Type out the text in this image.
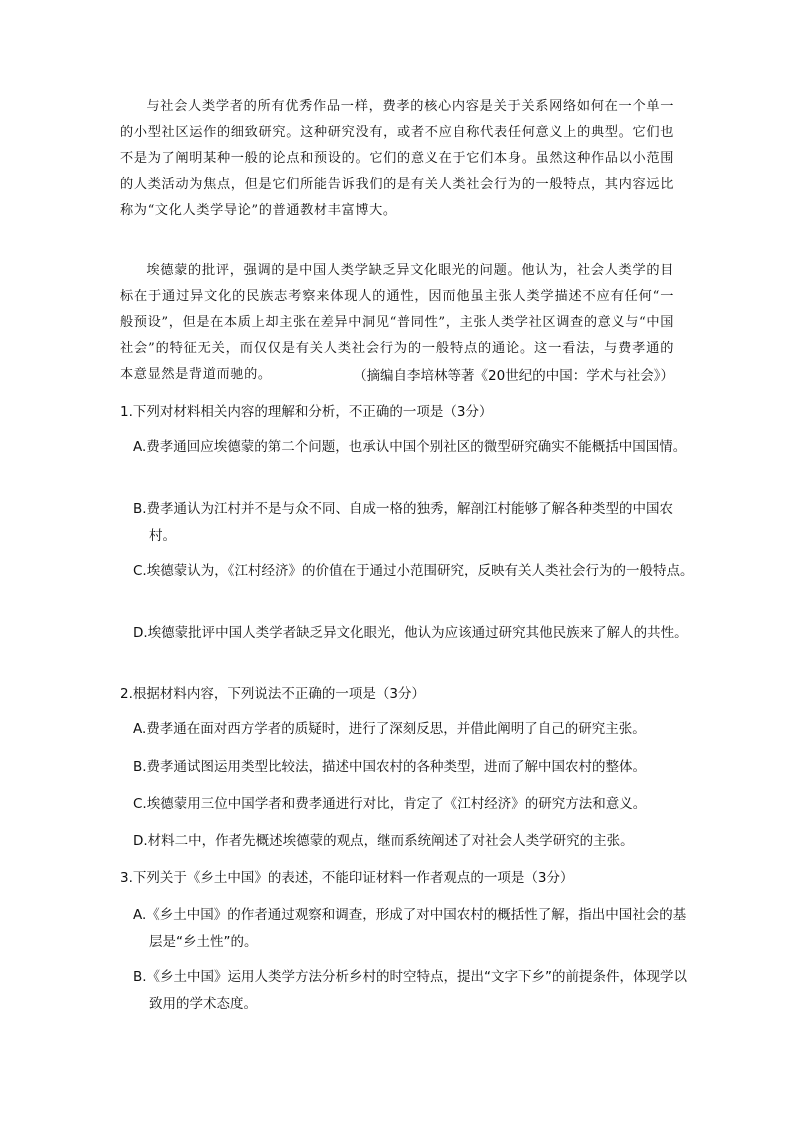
与社会人类学者的所有优秀作品一样，费孝的核心内容是关于关系网络如何在一个单一的小型社区运作的细致研究。这种研究没有，或者不应自称代表任何意义上的典型。它们也不是为了阐明某种一般的论点和预设的。它们的意义在于它们本身。虽然这种作品以小范围的人类活动为焦点，但是它们所能告诉我们的是有关人类社会行为的一般特点，其内容远比称为“文化人类学导论”的普通教材丰富博大。
埃德蒙的批评，强调的是中国人类学缺乏异文化眼光的问题。他认为，社会人类学的目标在于通过异文化的民族志考察来体现人的通性，因而他虽主张人类学描述不应有任何“一般预设”，但是在本质上却主张在差异中洞见“普同性”，主张人类学社区调查的意义与“中国社会”的特征无关，而仅仅是有关人类社会行为的一般特点的通论。这一看法，与费孝通的本意显然是背道而驰的。	（摘编自李培林等著《20世纪的中国：学术与社会》）
1.下列对材料相关内容的理解和分析，不正确的一项是（3分）
A.费孝通回应埃德蒙的第二个问题，也承认中国个别社区的微型研究确实不能概括中国国情。
B.费孝通认为江村并不是与众不同、自成一格的独秀，解剖江村能够了解各种类型的中国农村。
C.埃德蒙认为，《江村经济》的价值在于通过小范围研究，反映有关人类社会行为的一般特点。
D.埃德蒙批评中国人类学者缺乏异文化眼光，他认为应该通过研究其他民族来了解人的共性。
2.根据材料内容，下列说法不正确的一项是（3分）
A.费孝通在面对西方学者的质疑时，进行了深刻反思，并借此阐明了自己的研究主张。
B.费孝通试图运用类型比较法，描述中国农村的各种类型，进而了解中国农村的整体。
C.埃德蒙用三位中国学者和费孝通进行对比，肯定了《江村经济》的研究方法和意义。
D.材料二中，作者先概述埃德蒙的观点，继而系统阐述了对社会人类学研究的主张。
3.下列关于《乡土中国》的表述，不能印证材料一作者观点的一项是（3分）
A.《乡土中国》的作者通过观察和调查，形成了对中国农村的概括性了解，指出中国社会的基层是“乡土性”的。
B.《乡土中国》运用人类学方法分析乡村的时空特点，提出“文字下乡”的前提条件，体现学以致用的学术态度。
